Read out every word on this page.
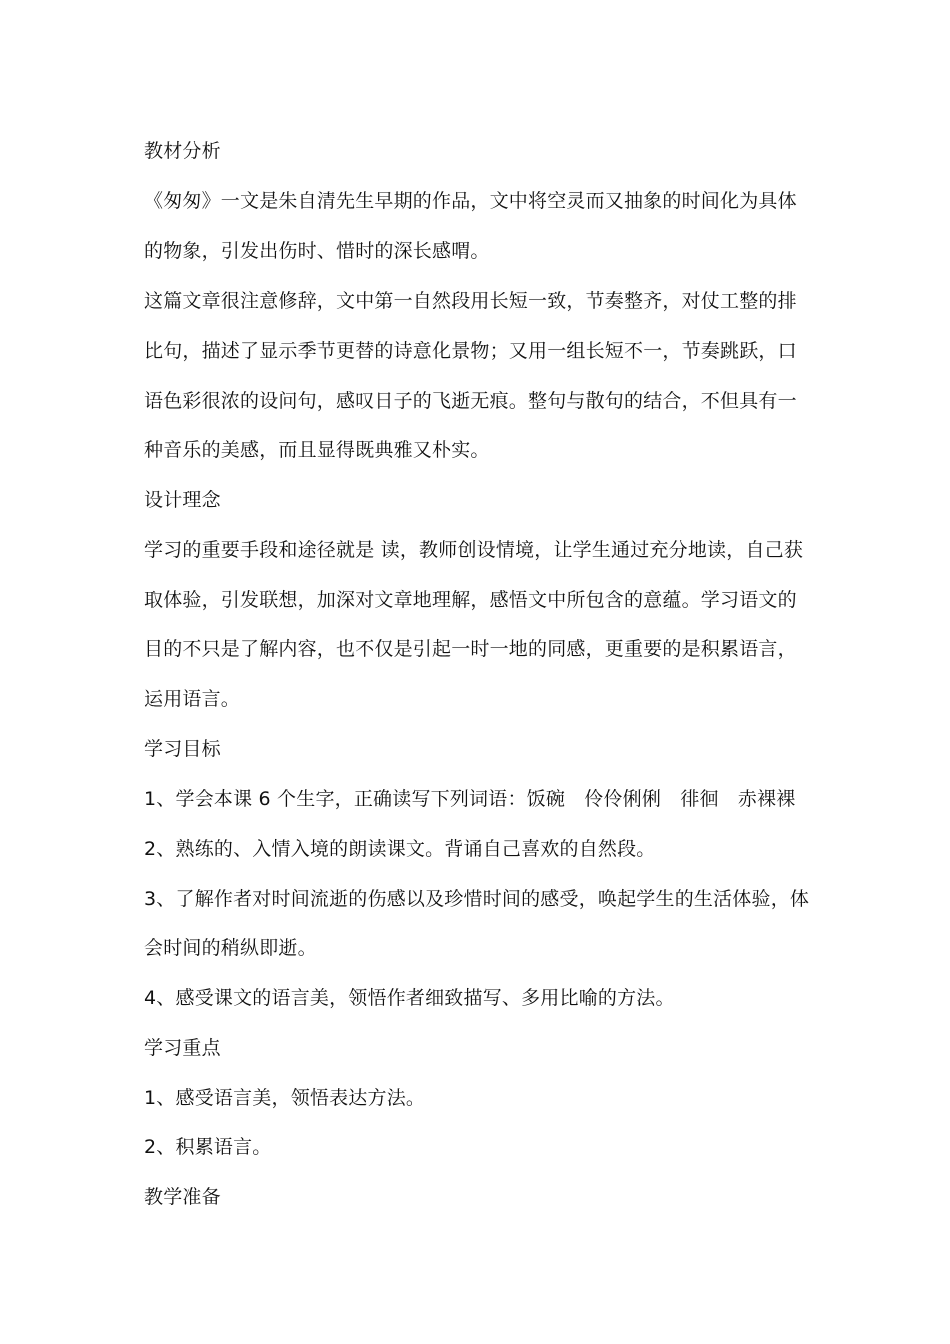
教材分析
《匆匆》一文是朱自清先生早期的作品，文中将空灵而又抽象的时间化为具体
的物象，引发出伤时、惜时的深长感喟。
这篇文章很注意修辞，文中第一自然段用长短一致，节奏整齐，对仗工整的排
比句，描述了显示季节更替的诗意化景物；又用一组长短不一，节奏跳跃，口
语色彩很浓的设问句，感叹日子的飞逝无痕。整句与散句的结合，不但具有一
种音乐的美感，而且显得既典雅又朴实。
设计理念
学习的重要手段和途径就是 读，教师创设情境，让学生通过充分地读，自己获
取体验，引发联想，加深对文章地理解，感悟文中所包含的意蕴。学习语文的
目的不只是了解内容，也不仅是引起一时一地的同感，更重要的是积累语言，
运用语言。
学习目标
1、学会本课 6 个生字，正确读写下列词语：饭碗　伶伶俐俐　徘徊　赤裸裸
2、熟练的、入情入境的朗读课文。背诵自己喜欢的自然段。
3、了解作者对时间流逝的伤感以及珍惜时间的感受，唤起学生的生活体验，体
会时间的稍纵即逝。
4、感受课文的语言美，领悟作者细致描写、多用比喻的方法。
学习重点
1、感受语言美，领悟表达方法。
2、积累语言。
教学准备
